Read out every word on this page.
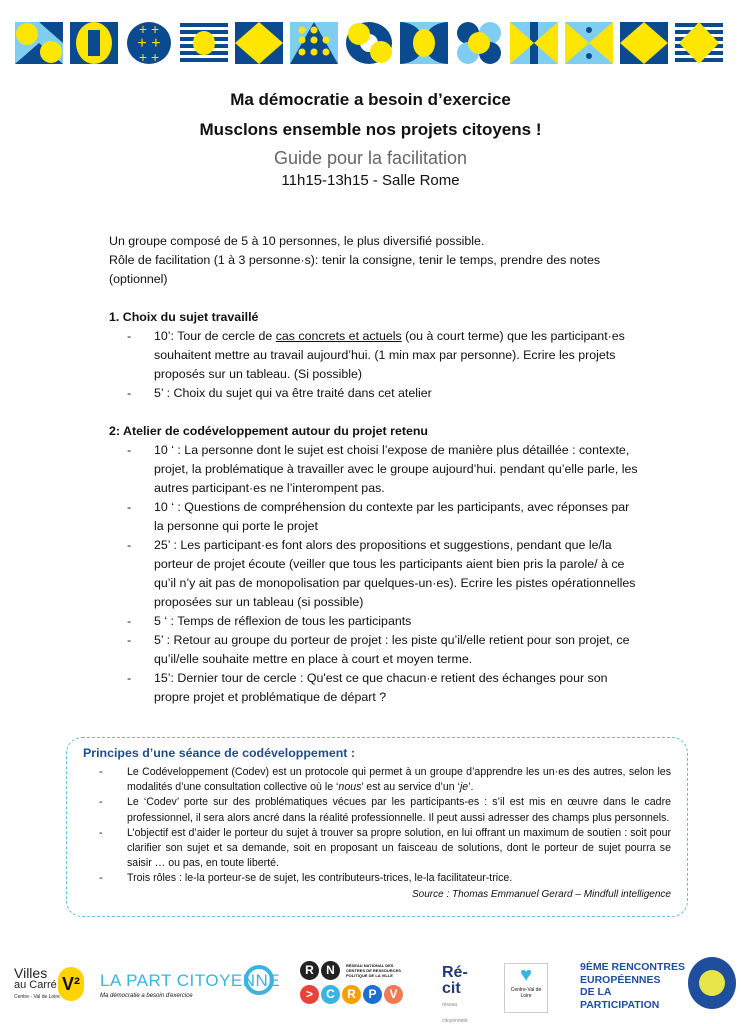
+ +
+ +
+ +
Ma démocratie a besoin d’exercice
Musclons ensemble nos projets citoyens !
Guide pour la facilitation
11h15-13h15 - Salle Rome

Un groupe composé de 5 à 10 personnes, le plus diversifié possible.

Rôle de facilitation (1 à 3 personne·s): tenir la consigne, tenir le temps, prendre des notes (optionnel)

1. Choix du sujet travaillé

- 10’: Tour de cercle de cas concrets et actuels (ou à court terme) que les participant·es souhaitent mettre au travail aujourd’hui. (1 min max par personne). Ecrire les projets proposés sur un tableau. (Si possible)

- 5’ : Choix du sujet qui va être traité dans cet atelier

2: Atelier de codéveloppement autour du projet retenu

- 10 ‘ : La personne dont le sujet est choisi l’expose de manière plus détaillée : contexte, projet, la problématique à travailler avec le groupe aujourd’hui. pendant qu’elle parle, les autres participant·es ne l’interompent pas.

- 10 ‘ : Questions de compréhension du contexte par les participants, avec réponses par la personne qui porte le projet

- 25’ : Les participant·es font alors des propositions et suggestions, pendant que le/la porteur de projet écoute (veiller que tous les participants aient bien pris la parole/ à ce qu’il n’y ait pas de monopolisation par quelques-un·es). Ecrire les pistes opérationnelles proposées sur un tableau (si possible)

- 5 ‘ : Temps de réflexion de tous les participants

- 5’ : Retour au groupe du porteur de projet : les piste qu’il/elle retient pour son projet, ce qu’il/elle souhaite mettre en place à court et moyen terme.

- 15’: Dernier tour de cercle : Qu'est ce que chacun·e retient des échanges pour son propre projet et problématique de départ ?

Principes d’une séance de codéveloppement :
- Le Codéveloppement (Codev) est un protocole qui permet à un groupe d’apprendre les un·es des autres, selon les modalités d’une consultation collective où le ‘nous’ est au service d’un ‘je’.
- Le ‘Codev’ porte sur des problématiques vécues par les participants-es : s’il est mis en œuvre dans le cadre professionnel, il sera alors ancré dans la réalité professionnelle. Il peut aussi adresser des champs plus personnels.
- L’objectif est d’aider le porteur du sujet à trouver sa propre solution, en lui offrant un maximum de soutien : soit pour clarifier son sujet et sa demande, soit en proposant un faisceau de solutions, dont le porteur de sujet pourra se saisir … ou pas, en toute liberté.
- Trois rôles : le-la porteur-se de sujet, les contributeurs-trices, le-la facilitateur-trice.
Source : Thomas Emmanuel Gerard – Mindfull intelligence
Villes
au Carré
Centre - Val de Loire
V² LA PART CITOYENNE
Ma démocratie a besoin d'exercice
R	N
>	C	R	P	V
RÉSEAU NATIONAL DES CENTRES DE RESSOURCES POLITIQUE DE LA VILLE	Ré-cit
réseau citoyenneté
♥
Centre-Val de Loire
9ÈME RENCONTRES
EUROPÉENNES
DE LA
PARTICIPATION
